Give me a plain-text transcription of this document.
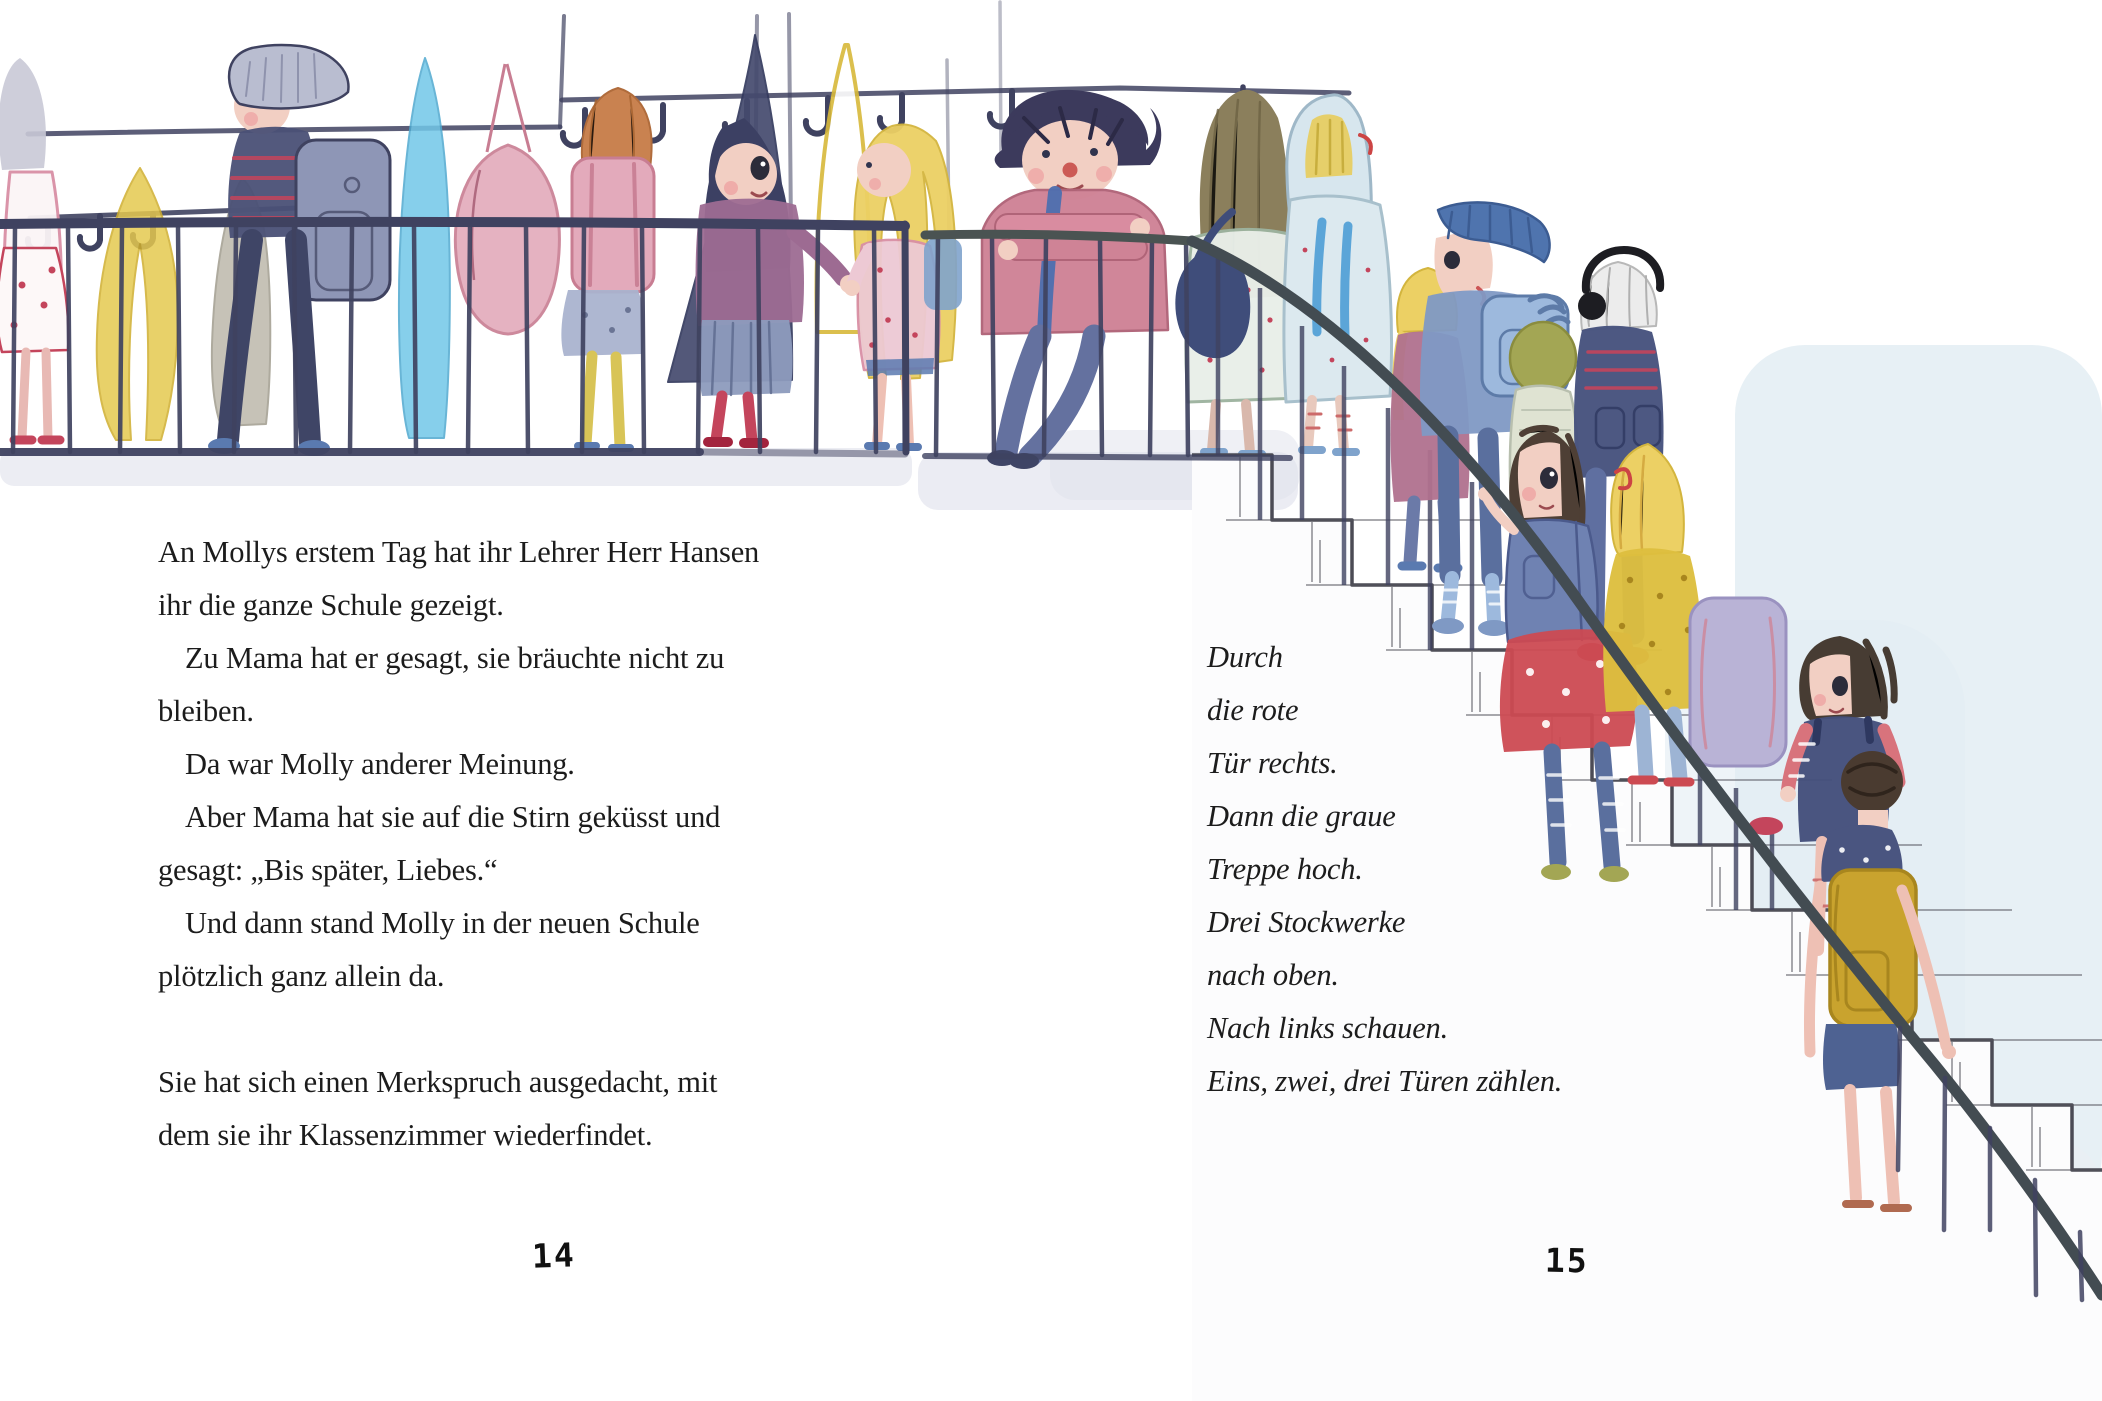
An Mollys erstem Tag hat ihr Lehrer Herr Hansen
ihr die ganze Schule gezeigt.
Zu Mama hat er gesagt, sie bräuchte nicht zu
bleiben.
Da war Molly anderer Meinung.
Aber Mama hat sie auf die Stirn geküsst und
gesagt: „Bis später, Liebes.“
Und dann stand Molly in der neuen Schule
plötzlich ganz allein da.
Sie hat sich einen Merkspruch ausgedacht, mit
dem sie ihr Klassenzimmer wiederfindet.
Durch
die rote
Tür rechts.
Dann die graue
Treppe hoch.
Drei Stockwerke
nach oben.
Nach links schauen.
Eins, zwei, drei Türen zählen.
14	15
